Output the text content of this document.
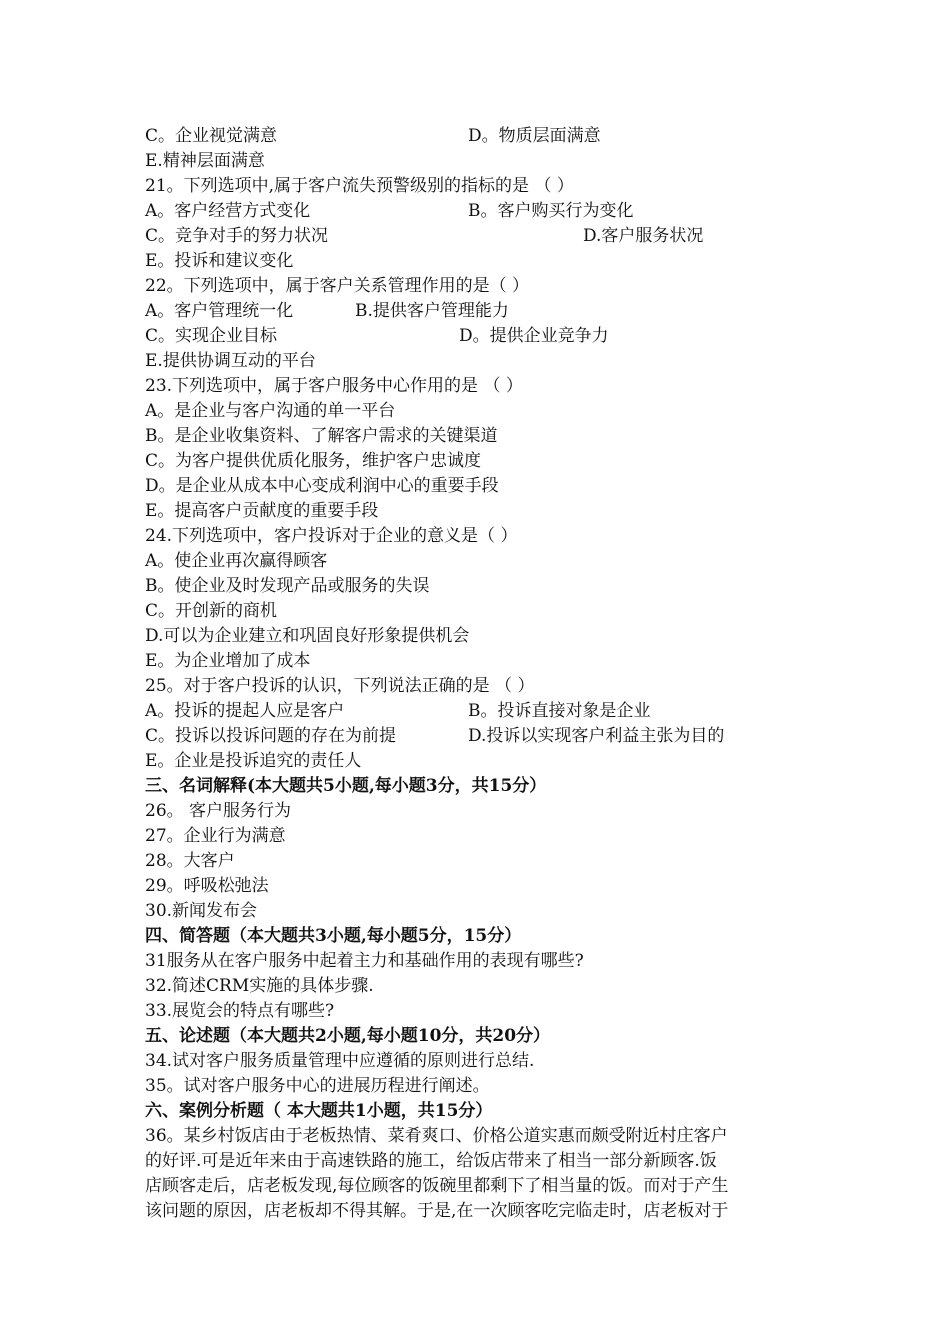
C。企业视觉满意	D。物质层面满意
E.精神层面满意
21。下列选项中,属于客户流失预警级别的指标的是 （ ）
A。客户经营方式变化	B。客户购买行为变化
C。竞争对手的努力状况	D.客户服务状况
E。投诉和建议变化
22。下列选项中，属于客户关系管理作用的是（ ）
A。客户管理统一化	B.提供客户管理能力
C。实现企业目标	D。提供企业竞争力
E.提供协调互动的平台
23.下列选项中，属于客户服务中心作用的是 （ ）
A。是企业与客户沟通的单一平台
B。是企业收集资料、了解客户需求的关键渠道
C。为客户提供优质化服务，维护客户忠诚度
D。是企业从成本中心变成利润中心的重要手段
E。提高客户贡献度的重要手段
24.下列选项中，客户投诉对于企业的意义是（ ）
A。使企业再次赢得顾客
B。使企业及时发现产品或服务的失误
C。开创新的商机
D.可以为企业建立和巩固良好形象提供机会
E。为企业增加了成本
25。对于客户投诉的认识，下列说法正确的是 （ ）
A。投诉的提起人应是客户	B。投诉直接对象是企业
C。投诉以投诉问题的存在为前提	D.投诉以实现客户利益主张为目的
E。企业是投诉追究的责任人
三、名词解释(本大题共5小题,每小题3分，共15分）
26。 客户服务行为
27。企业行为满意
28。大客户
29。呼吸松弛法
30.新闻发布会
四、简答题（本大题共3小题,每小题5分，15分）
31服务从在客户服务中起着主力和基础作用的表现有哪些?
32.简述CRM实施的具体步骤.
33.展览会的特点有哪些?
五、论述题（本大题共2小题,每小题10分，共20分）
34.试对客户服务质量管理中应遵循的原则进行总结.
35。试对客户服务中心的进展历程进行阐述。
六、案例分析题（ 本大题共1小题，共15分）
36。某乡村饭店由于老板热情、菜肴爽口、价格公道实惠而颇受附近村庄客户
的好评.可是近年来由于高速铁路的施工，给饭店带来了相当一部分新顾客.饭
店顾客走后，店老板发现,每位顾客的饭碗里都剩下了相当量的饭。而对于产生
该问题的原因，店老板却不得其解。于是,在一次顾客吃完临走时，店老板对于
